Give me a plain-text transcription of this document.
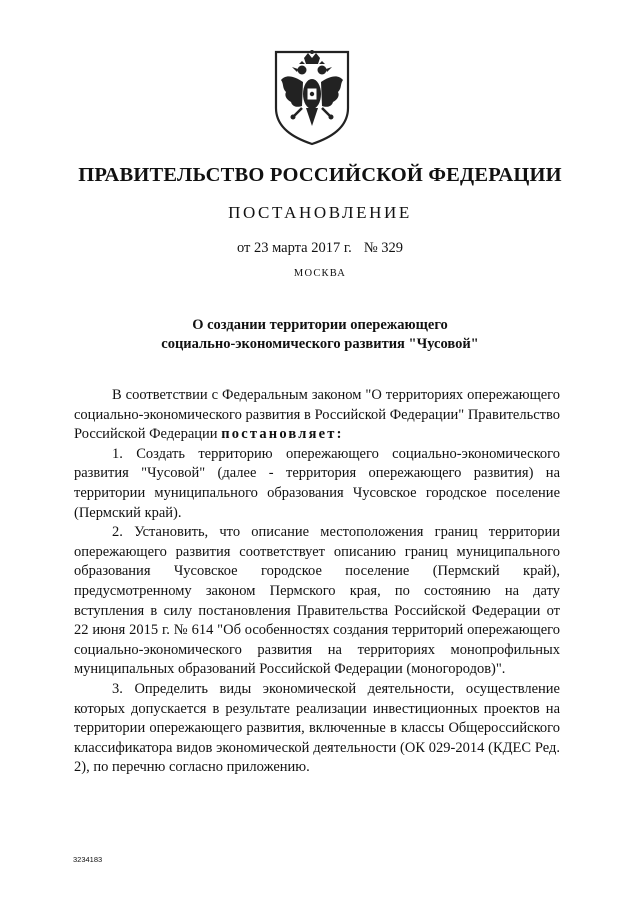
ПРАВИТЕЛЬСТВО РОССИЙСКОЙ ФЕДЕРАЦИИ
ПОСТАНОВЛЕНИЕ
от 23 марта 2017 г. № 329
МОСКВА
О создании территории опережающего
социально-экономического развития "Чусовой"

В соответствии с Федеральным законом "О территориях опережающего социально-экономического развития в Российской Федерации" Правительство Российской Федерации постановляет:

1. Создать территорию опережающего социально-экономического развития "Чусовой" (далее - территория опережающего развития) на территории муниципального образования Чусовское городское поселение (Пермский край).

2. Установить, что описание местоположения границ территории опережающего развития соответствует описанию границ муниципального образования Чусовское городское поселение (Пермский край), предусмотренному законом Пермского края, по состоянию на дату вступления в силу постановления Правительства Российской Федерации от 22 июня 2015 г. № 614 "Об особенностях создания территорий опережающего социально-экономического развития на территориях монопрофильных муниципальных образований Российской Федерации (моногородов)".

3. Определить виды экономической деятельности, осуществление которых допускается в результате реализации инвестиционных проектов на территории опережающего развития, включенные в классы Общероссийского классификатора видов экономической деятельности (ОК 029-2014 (КДЕС Ред. 2), по перечню согласно приложению.

3234183
